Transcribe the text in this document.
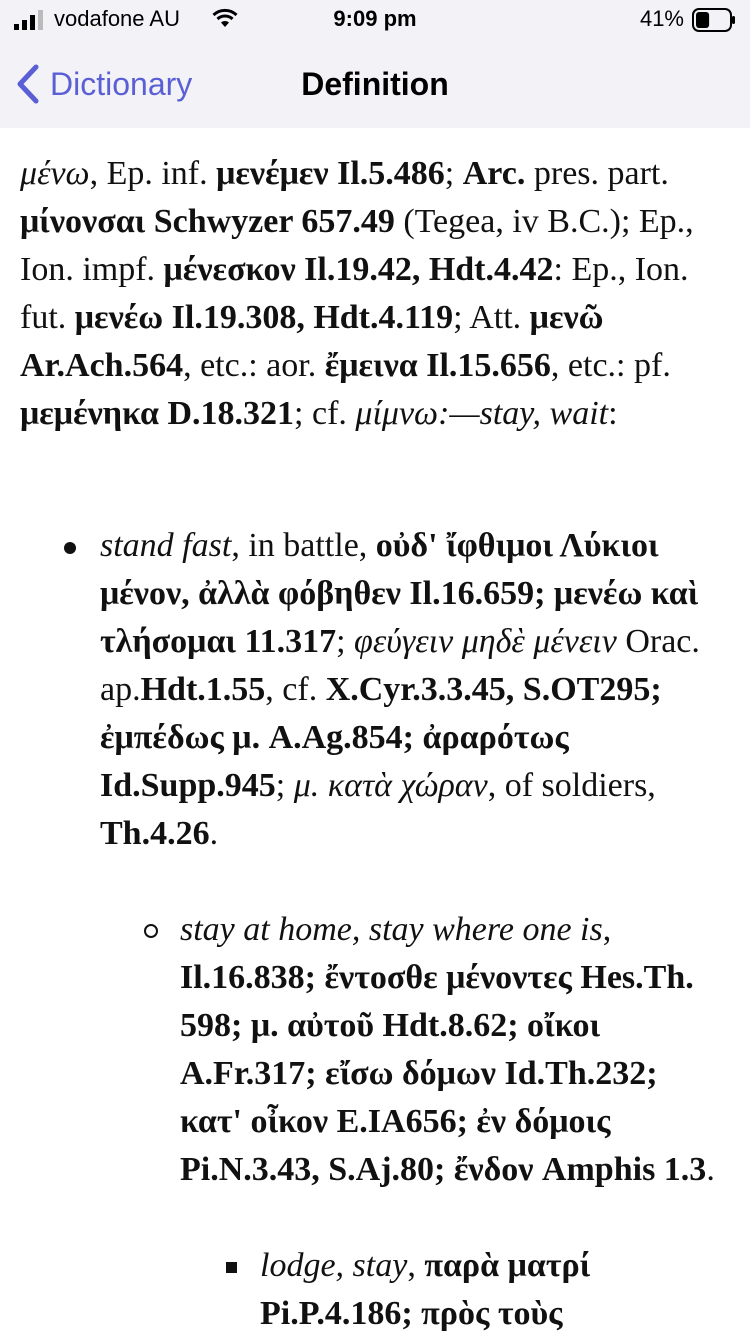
vodafone AU	9:09 pm	41%
Dictionary	Definition
μένω, Ep. inf. μενέμεν Il.5.486; Arc. pres. part. μίνονσαι Schwyzer 657.49 (Tegea, iv B.C.); Ep., Ion. impf. μένεσκον Il.19.42, Hdt.4.42: Ep., Ion. fut. μενέω Il.19.308, Hdt.4.119; Att. μενῶ Ar.Ach.564, etc.: aor. ἔμεινα Il.15.656, etc.: pf. μεμένηκα D.18.321; cf. μίμνω:—stay, wait:
stand fast, in battle, οὐδ' ἴφθιμοι Λύκιοι μένον, ἀλλὰ φόβηθεν Il.16.659; μενέω καὶ τλήσομαι 11.317; φεύγειν μηδὲ μένειν Orac. ap.Hdt.1.55, cf. X.Cyr.3.3.45, S.OT295; ἐμπέδως μ. A.Ag.854; ἀραρότως Id.Supp.945; μ. κατὰ χώραν, of soldiers, Th.4.26.
stay at home, stay where one is, Il.16.838; ἔντοσθε μένοντες Hes.Th. 598; μ. αὐτοῦ Hdt.8.62; οἴκοι A.Fr.317; εἴσω δόμων Id.Th.232; κατ' οἶκον E.IA656; ἐν δόμοις Pi.N.3.43, S.Aj.80; ἔνδον Amphis 1.3.
lodge, stay, παρὰ ματρί Pi.P.4.186; πρὸς τοὺς
